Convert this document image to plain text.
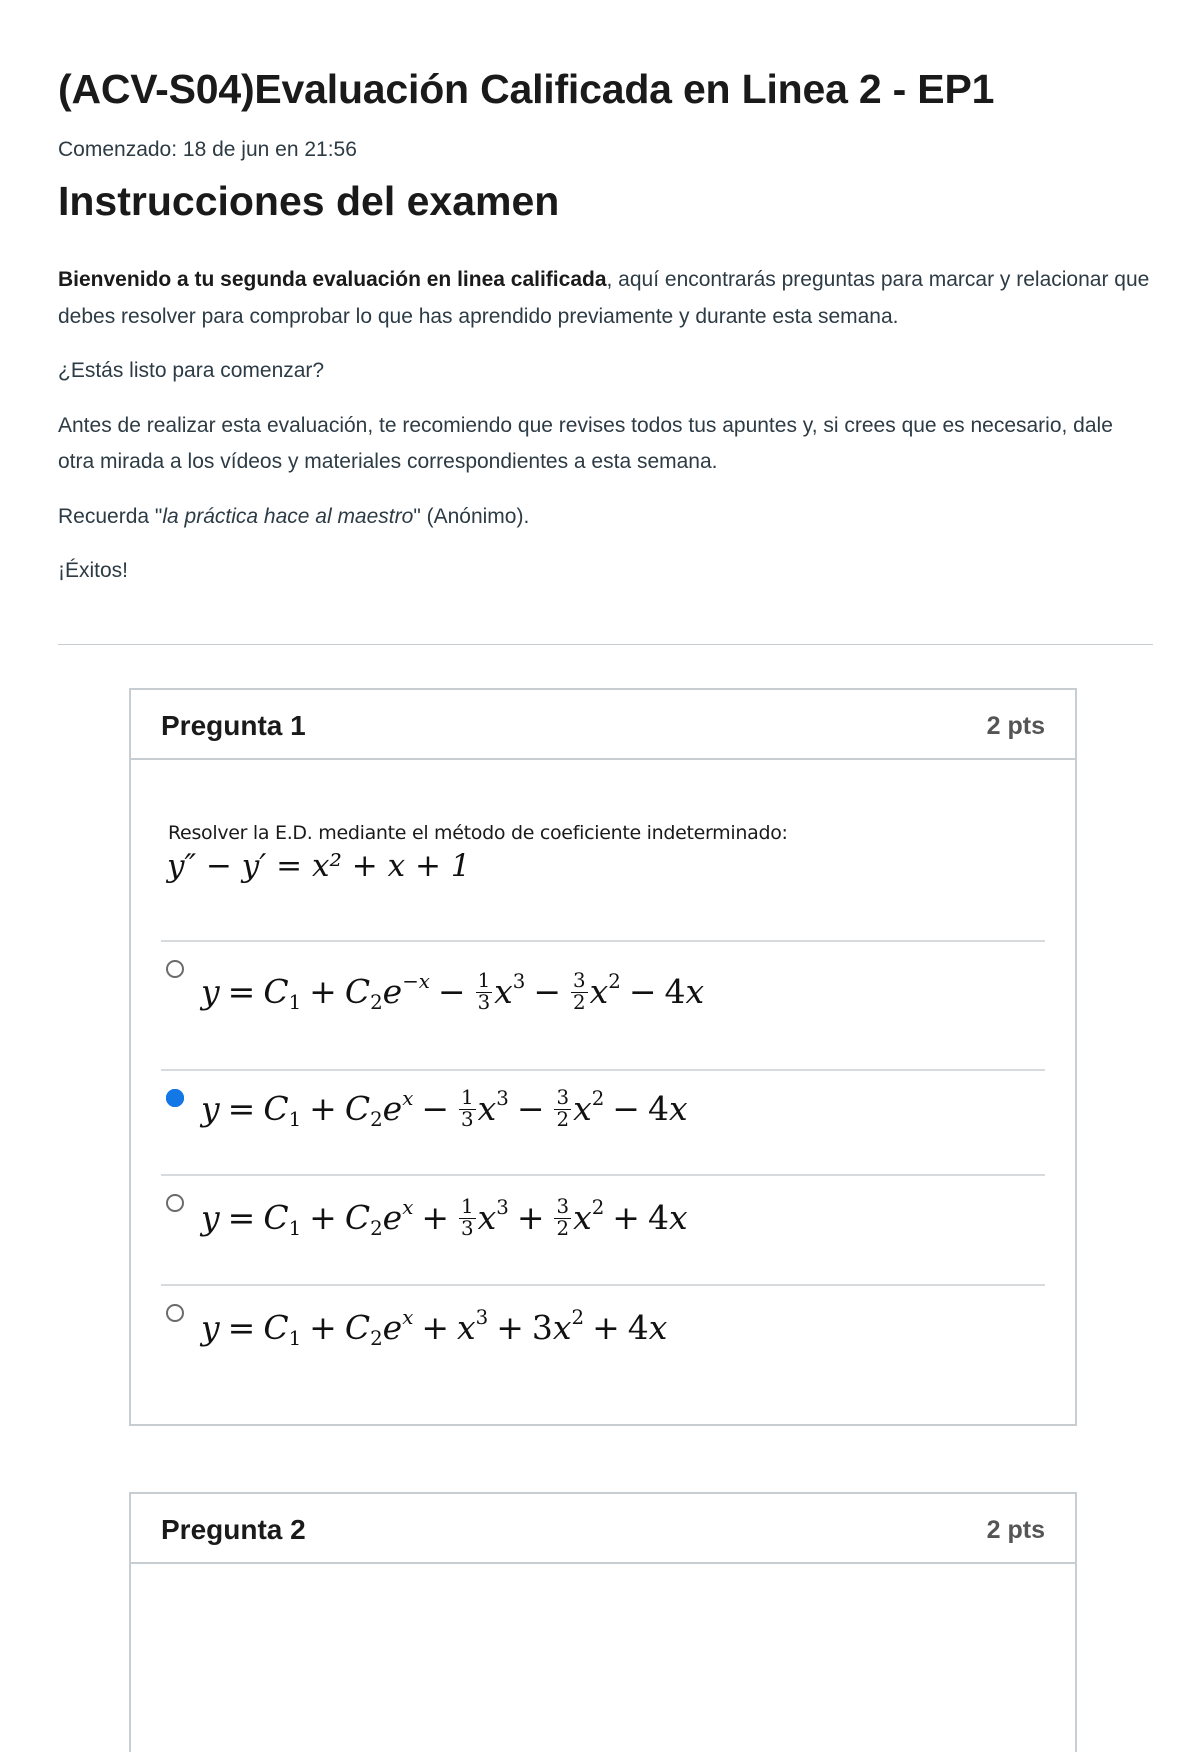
(ACV-S04)Evaluación Calificada en Linea 2 - EP1
Comenzado: 18 de jun en 21:56
Instrucciones del examen

Bienvenido a tu segunda evaluación en linea calificada, aquí encontrarás preguntas para marcar y relacionar que debes resolver para comprobar lo que has aprendido previamente y durante esta semana.

¿Estás listo para comenzar?

Antes de realizar esta evaluación, te recomiendo que revises todos tus apuntes y, si crees que es necesario, dale otra mirada a los vídeos y materiales correspondientes a esta semana.

Recuerda "la práctica hace al maestro" (Anónimo).

¡Éxitos!

Pregunta 1	2 pts
Resolver la E.D. mediante el método de coeficiente indeterminado:
y″ − y′ = x² + x + 1
$y = C_1 + C_2e^{-x} - \frac{1}{3} x^3 - \frac{3}{2} x^2 - 4x$
$y = C_1 + C_2e^x - \frac{1}{3} x^3 - \frac{3}{2} x^2 - 4x$
$y = C_1 + C_2e^x + \frac{1}{3} x^3 + \frac{3}{2} x^2 + 4x$
$y = C_1 + C_2e^x + x^3 + 3x^2 + 4x$
Pregunta 2	2 pts
